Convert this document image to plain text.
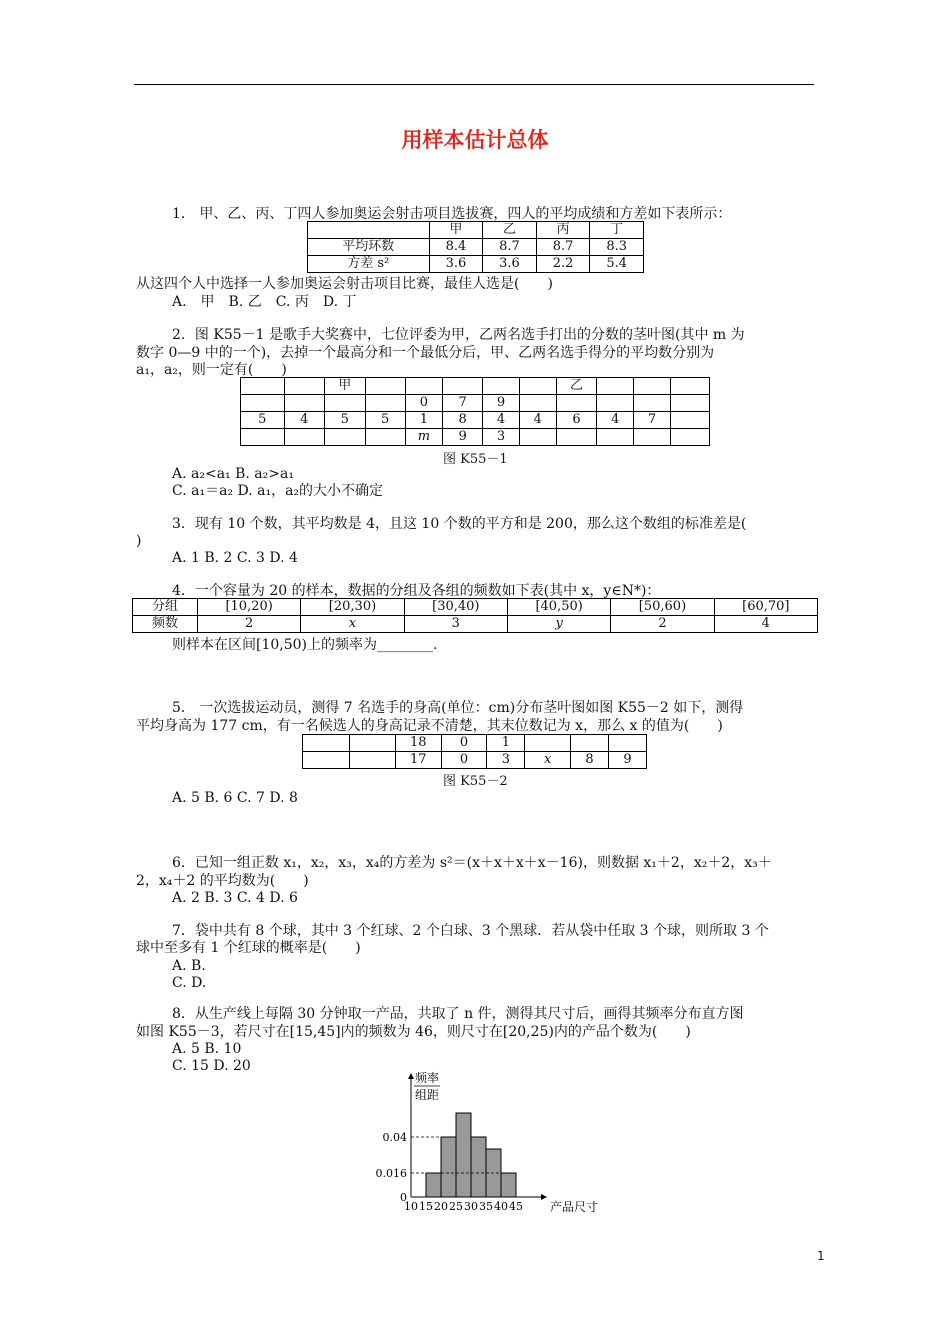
用样本估计总体
1． 甲、乙、丙、丁四人参加奥运会射击项目选拔赛，四人的平均成绩和方差如下表所示：
	甲	乙	丙	丁
平均环数	8.4	8.7	8.7	8.3
方差 s²	3.6	3.6	2.2	5.4
从这四个人中选择一人参加奥运会射击项目比赛，最佳人选是(　　)
A.　甲　B. 乙　C. 丙　D. 丁
2．图 K55－1 是歌手大奖赛中，七位评委为甲，乙两名选手打出的分数的茎叶图(其中 m 为
数字 0—9 中的一个)，去掉一个最高分和一个最低分后，甲、乙两名选手得分的平均数分别为
a₁，a₂，则一定有(　　)
		甲						乙			
				0	7	9					
5	4	5	5	1	8	4	4	6	4	7	
				m	9	3					
图 K55－1
A. a₂<a₁ B. a₂>a₁
C. a₁＝a₂ D. a₁，a₂的大小不确定
3．现有 10 个数，其平均数是 4，且这 10 个数的平方和是 200，那么这个数组的标准差是(
)
A. 1 B. 2 C. 3 D. 4
4．一个容量为 20 的样本，数据的分组及各组的频数如下表(其中 x，y∈N*)：
分组	[10,20)	[20,30)	[30,40)	[40,50)	[50,60)	[60,70]
频数	2	x	3	y	2	4
则样本在区间[10,50)上的频率为________.
5． 一次选拔运动员，测得 7 名选手的身高(单位：cm)分布茎叶图如图 K55－2 如下，测得
平均身高为 177 cm，有一名候选人的身高记录不清楚，其末位数记为 x，那么 x 的值为(　　)
		18	0	1			
		17	0	3	x	8	9
图 K55－2
A. 5 B. 6 C. 7 D. 8
6．已知一组正数 x₁，x₂，x₃，x₄的方差为 s²＝(x＋x＋x＋x－16)，则数据 x₁＋2，x₂＋2，x₃＋
2，x₄＋2 的平均数为(　　)
A. 2 B. 3 C. 4 D. 6
7．袋中共有 8 个球，其中 3 个红球、2 个白球、3 个黑球．若从袋中任取 3 个球，则所取 3 个
球中至多有 1 个红球的概率是(　　)
A. B.
C. D.
8．从生产线上每隔 30 分钟取一产品，共取了 n 件，测得其尺寸后，画得其频率分布直方图
如图 K55－3，若尺寸在[15,45]内的频数为 46，则尺寸在[20,25)内的产品个数为(　　)
A. 5 B. 10
C. 15 D. 20
0.04
0.016
0
10 15 20 25 30 35 40 45
频率
组距
产品尺寸
1
